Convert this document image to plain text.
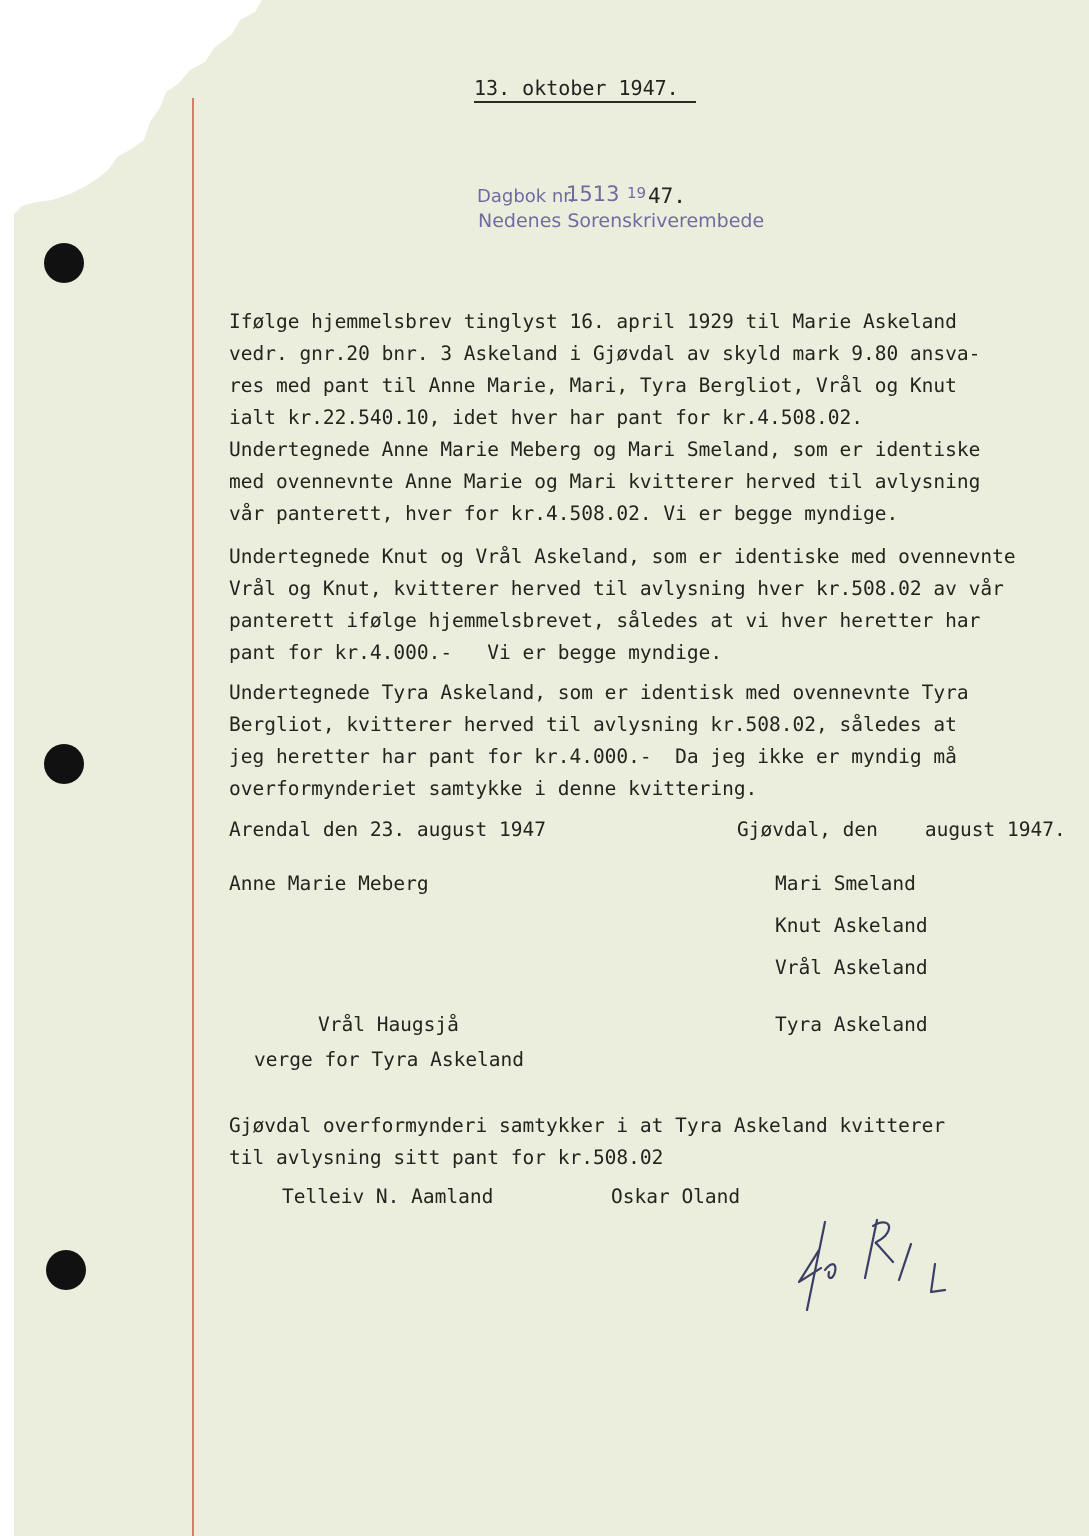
13. oktober 1947.

Dagbok nr.
1513 19 47.
Nedenes Sorenskriverembede
Ifølge hjemmelsbrev tinglyst 16. april 1929 til Marie Askeland
vedr. gnr.20 bnr. 3 Askeland i Gjøvdal av skyld mark 9.80 ansva-
res med pant til Anne Marie, Mari, Tyra Bergliot, Vrål og Knut
ialt kr.22.540.10, idet hver har pant for kr.4.508.02.
Undertegnede Anne Marie Meberg og Mari Smeland, som er identiske
med ovennevnte Anne Marie og Mari kvitterer herved til avlysning
vår panterett, hver for kr.4.508.02. Vi er begge myndige.
Undertegnede Knut og Vrål Askeland, som er identiske med ovennevnte
Vrål og Knut, kvitterer herved til avlysning hver kr.508.02 av vår
panterett ifølge hjemmelsbrevet, således at vi hver heretter har
pant for kr.4.000.-   Vi er begge myndige.
Undertegnede Tyra Askeland, som er identisk med ovennevnte Tyra
Bergliot, kvitterer herved til avlysning kr.508.02, således at
jeg heretter har pant for kr.4.000.-  Da jeg ikke er myndig må
overformynderiet samtykke i denne kvittering.
Arendal den 23. august 1947	Gjøvdal, den    august 1947.
Anne Marie Meberg	Mari Smeland
Knut Askeland
Vrål Askeland
Vrål Haugsjå
verge for Tyra Askeland
Tyra Askeland
Gjøvdal overformynderi samtykker i at Tyra Askeland kvitterer
til avlysning sitt pant for kr.508.02
Telleiv N. Aamland	Oskar Oland
